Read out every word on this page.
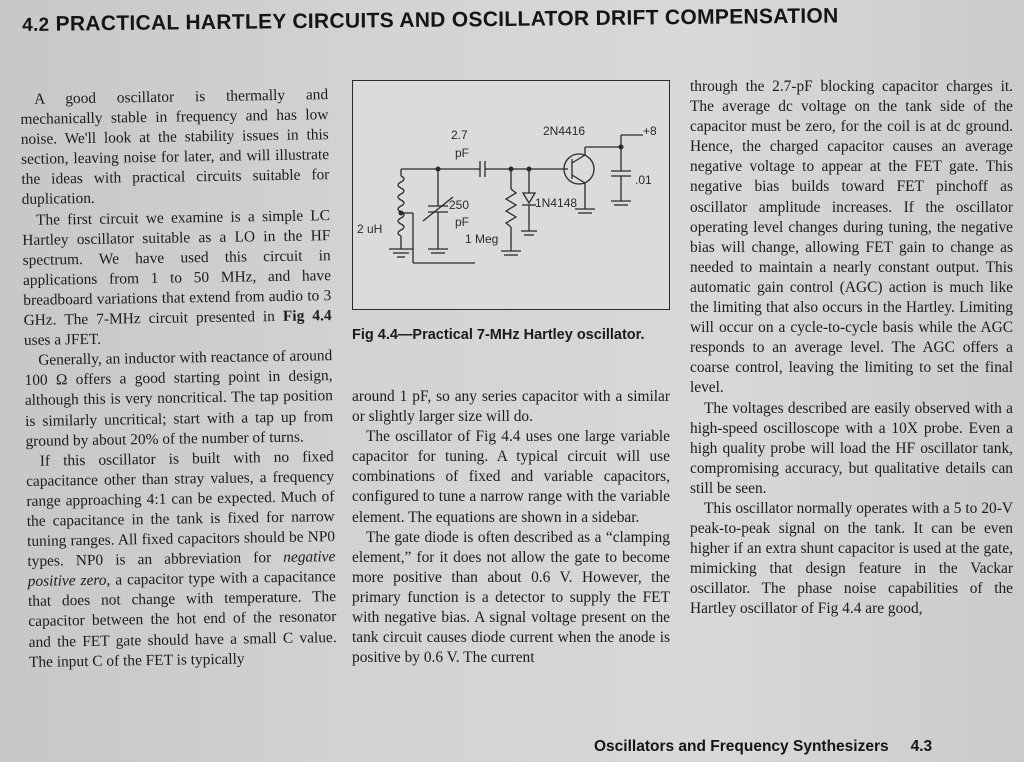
4.2 PRACTICAL HARTLEY CIRCUITS AND OSCILLATOR DRIFT COMPENSATION

A good oscillator is thermally and mechanically stable in frequency and has low noise. We'll look at the stability issues in this section, leaving noise for later, and will illustrate the ideas with practical circuits suitable for duplication.

The first circuit we examine is a simple LC Hartley oscillator suitable as a LO in the HF spectrum. We have used this circuit in applications from 1 to 50 MHz, and have breadboard variations that extend from audio to 3 GHz. The 7-MHz circuit presented in Fig 4.4 uses a JFET.

Generally, an inductor with reactance of around 100 Ω offers a good starting point in design, although this is very noncritical. The tap position is similarly uncritical; start with a tap up from ground by about 20% of the number of turns.

If this oscillator is built with no fixed capacitance other than stray values, a frequency range approaching 4:1 can be expected. Much of the capacitance in the tank is fixed for narrow tuning ranges. All fixed capacitors should be NP0 types. NP0 is an abbreviation for negative positive zero, a capacitor type with a capacitance that does not change with temperature. The capacitor between the hot end of the resonator and the FET gate should have a small C value. The input C of the FET is typically

2.7
pF
2N4416	+8
.01
1N4148
250
pF
1 Meg
2 uH
Fig 4.4—Practical 7-MHz Hartley oscillator.

around 1 pF, so any series capacitor with a similar or slightly larger size will do.

The oscillator of Fig 4.4 uses one large variable capacitor for tuning. A typical circuit will use combinations of fixed and variable capacitors, configured to tune a narrow range with the variable element. The equations are shown in a sidebar.

The gate diode is often described as a “clamping element,” for it does not allow the gate to become more positive than about 0.6 V. However, the primary function is a detector to supply the FET with negative bias. A signal voltage present on the tank circuit causes diode current when the anode is positive by 0.6 V. The current

through the 2.7-pF blocking capacitor charges it. The average dc voltage on the tank side of the capacitor must be zero, for the coil is at dc ground. Hence, the charged capacitor causes an average negative voltage to appear at the FET gate. This negative bias builds toward FET pinchoff as oscillator amplitude increases. If the oscillator operating level changes during tuning, the negative bias will change, allowing FET gain to change as needed to maintain a nearly constant output. This automatic gain control (AGC) action is much like the limiting that also occurs in the Hartley. Limiting will occur on a cycle-to-cycle basis while the AGC responds to an average level. The AGC offers a coarse control, leaving the limiting to set the final level.

The voltages described are easily observed with a high-speed oscilloscope with a 10X probe. Even a high quality probe will load the HF oscillator tank, compromising accuracy, but qualitative details can still be seen.

This oscillator normally operates with a 5 to 20-V peak-to-peak signal on the tank. It can be even higher if an extra shunt capacitor is used at the gate, mimicking that design feature in the Vackar oscillator. The phase noise capabilities of the Hartley oscillator of Fig 4.4 are good,

Oscillators and Frequency Synthesizers 4.3
